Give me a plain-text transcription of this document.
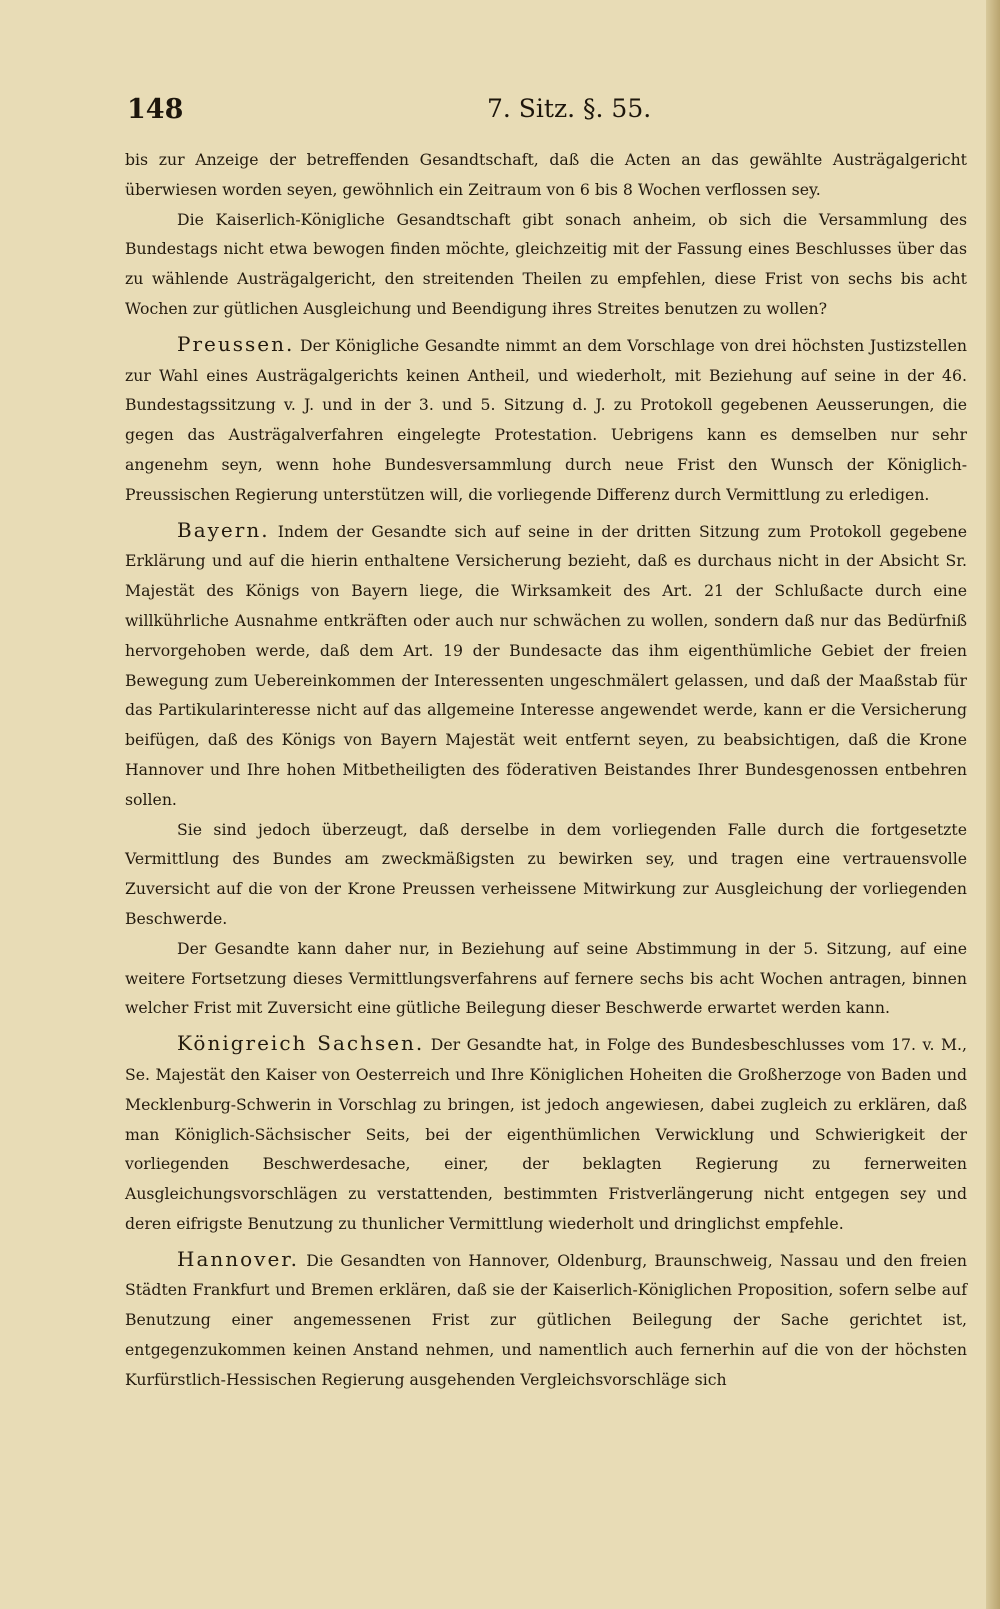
148	7. Sitz. §. 55.

bis zur Anzeige der betreffenden Gesandtschaft, daß die Acten an das gewählte Austrägalgericht überwiesen worden seyen, gewöhnlich ein Zeitraum von 6 bis 8 Wochen verflossen sey.

Die Kaiserlich-Königliche Gesandtschaft gibt sonach anheim, ob sich die Versammlung des Bundestags nicht etwa bewogen finden möchte, gleichzeitig mit der Fassung eines Beschlusses über das zu wählende Austrägalgericht, den streitenden Theilen zu empfehlen, diese Frist von sechs bis acht Wochen zur gütlichen Ausgleichung und Beendigung ihres Streites benutzen zu wollen?

Preussen. Der Königliche Gesandte nimmt an dem Vorschlage von drei höchsten Justizstellen zur Wahl eines Austrägalgerichts keinen Antheil, und wiederholt, mit Beziehung auf seine in der 46. Bundestagssitzung v. J. und in der 3. und 5. Sitzung d. J. zu Protokoll gegebenen Aeusserungen, die gegen das Austrägalverfahren eingelegte Protestation. Uebrigens kann es demselben nur sehr angenehm seyn, wenn hohe Bundesversammlung durch neue Frist den Wunsch der Königlich-Preussischen Regierung unterstützen will, die vorliegende Differenz durch Vermittlung zu erledigen.

Bayern. Indem der Gesandte sich auf seine in der dritten Sitzung zum Protokoll gegebene Erklärung und auf die hierin enthaltene Versicherung bezieht, daß es durchaus nicht in der Absicht Sr. Majestät des Königs von Bayern liege, die Wirksamkeit des Art. 21 der Schlußacte durch eine willkührliche Ausnahme entkräften oder auch nur schwächen zu wollen, sondern daß nur das Bedürfniß hervorgehoben werde, daß dem Art. 19 der Bundesacte das ihm eigenthümliche Gebiet der freien Bewegung zum Uebereinkommen der Interessenten ungeschmälert gelassen, und daß der Maaßstab für das Partikularinteresse nicht auf das allgemeine Interesse angewendet werde, kann er die Versicherung beifügen, daß des Königs von Bayern Majestät weit entfernt seyen, zu beabsichtigen, daß die Krone Hannover und Ihre hohen Mitbetheiligten des föderativen Beistandes Ihrer Bundesgenossen entbehren sollen.

Sie sind jedoch überzeugt, daß derselbe in dem vorliegenden Falle durch die fortgesetzte Vermittlung des Bundes am zweckmäßigsten zu bewirken sey, und tragen eine vertrauensvolle Zuversicht auf die von der Krone Preussen verheissene Mitwirkung zur Ausgleichung der vorliegenden Beschwerde.

Der Gesandte kann daher nur, in Beziehung auf seine Abstimmung in der 5. Sitzung, auf eine weitere Fortsetzung dieses Vermittlungsverfahrens auf fernere sechs bis acht Wochen antragen, binnen welcher Frist mit Zuversicht eine gütliche Beilegung dieser Beschwerde erwartet werden kann.

Königreich Sachsen. Der Gesandte hat, in Folge des Bundesbeschlusses vom 17. v. M., Se. Majestät den Kaiser von Oesterreich und Ihre Königlichen Hoheiten die Großherzoge von Baden und Mecklenburg-Schwerin in Vorschlag zu bringen, ist jedoch angewiesen, dabei zugleich zu erklären, daß man Königlich-Sächsischer Seits, bei der eigenthümlichen Verwicklung und Schwierigkeit der vorliegenden Beschwerdesache, einer, der beklagten Regierung zu fernerweiten Ausgleichungsvorschlägen zu verstattenden, bestimmten Fristverlängerung nicht entgegen sey und deren eifrigste Benutzung zu thunlicher Vermittlung wiederholt und dringlichst empfehle.

Hannover. Die Gesandten von Hannover, Oldenburg, Braunschweig, Nassau und den freien Städten Frankfurt und Bremen erklären, daß sie der Kaiserlich-Königlichen Proposition, sofern selbe auf Benutzung einer angemessenen Frist zur gütlichen Beilegung der Sache gerichtet ist, entgegenzukommen keinen Anstand nehmen, und namentlich auch fernerhin auf die von der höchsten Kurfürstlich-Hessischen Regierung ausgehenden Vergleichsvorschläge sich
